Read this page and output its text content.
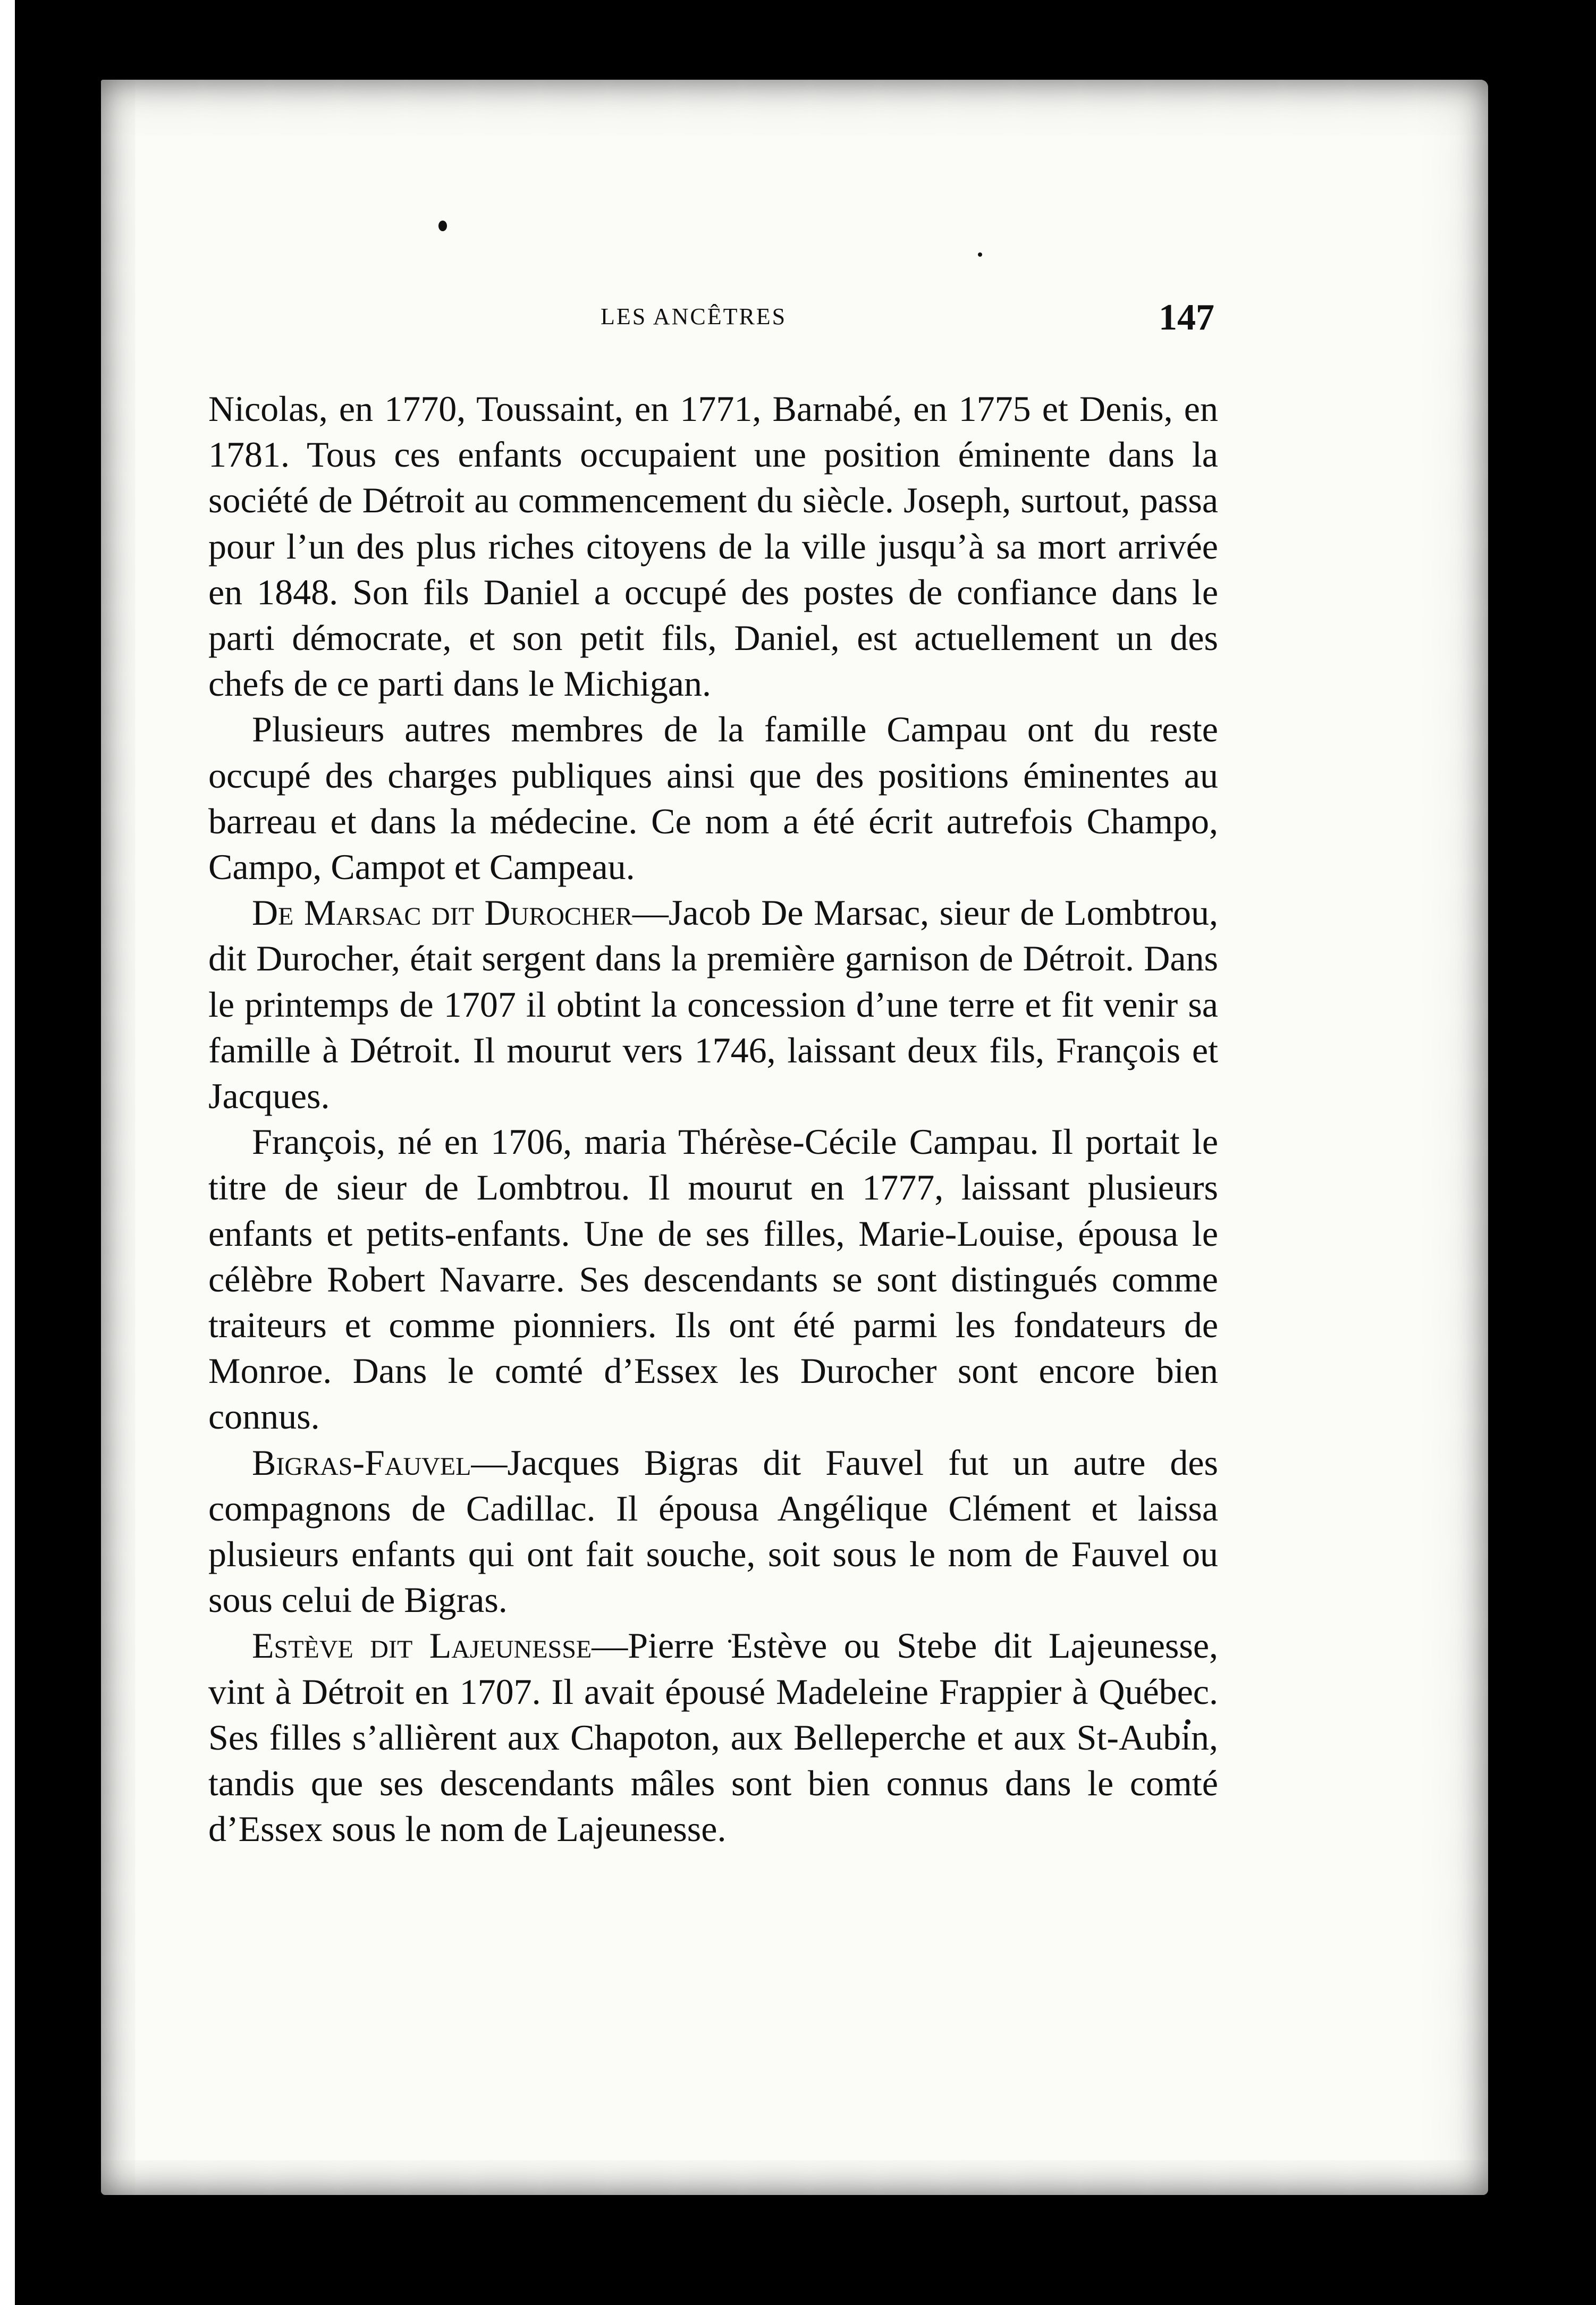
LES ANCÊTRES	147

Nicolas, en 1770, Toussaint, en 1771, Barnabé, en 1775 et Denis, en 1781. Tous ces enfants occupaient une position éminente dans la société de Détroit au commencement du siècle. Joseph, surtout, passa pour l’un des plus riches citoyens de la ville jusqu’à sa mort arrivée en 1848. Son fils Daniel a occupé des postes de confiance dans le parti démocrate, et son petit fils, Daniel, est actuellement un des chefs de ce parti dans le Michigan.

Plusieurs autres membres de la famille Campau ont du reste occupé des charges publiques ainsi que des positions éminentes au barreau et dans la médecine. Ce nom a été écrit autrefois Champo, Campo, Campot et Campeau.

De Marsac dit Durocher—Jacob De Marsac, sieur de Lombtrou, dit Durocher, était sergent dans la première garnison de Détroit. Dans le printemps de 1707 il obtint la concession d’une terre et fit venir sa famille à Détroit. Il mourut vers 1746, laissant deux fils, François et Jacques.

François, né en 1706, maria Thérèse-Cécile Campau. Il portait le titre de sieur de Lombtrou. Il mourut en 1777, laissant plusieurs enfants et petits-enfants. Une de ses filles, Marie-Louise, épousa le célèbre Robert Navarre. Ses descendants se sont distingués comme traiteurs et comme pionniers. Ils ont été parmi les fondateurs de Monroe. Dans le comté d’Essex les Durocher sont encore bien connus.

Bigras-Fauvel—Jacques Bigras dit Fauvel fut un autre des compagnons de Cadillac. Il épousa Angélique Clément et laissa plusieurs enfants qui ont fait souche, soit sous le nom de Fauvel ou sous celui de Bigras.

Estève dit Lajeunesse—Pierre Estève ou Stebe dit Lajeunesse, vint à Détroit en 1707. Il avait épousé Madeleine Frappier à Québec. Ses filles s’allièrent aux Chapoton, aux Belleperche et aux St-Aubin, tandis que ses descendants mâles sont bien connus dans le comté d’Essex sous le nom de Lajeunesse.
